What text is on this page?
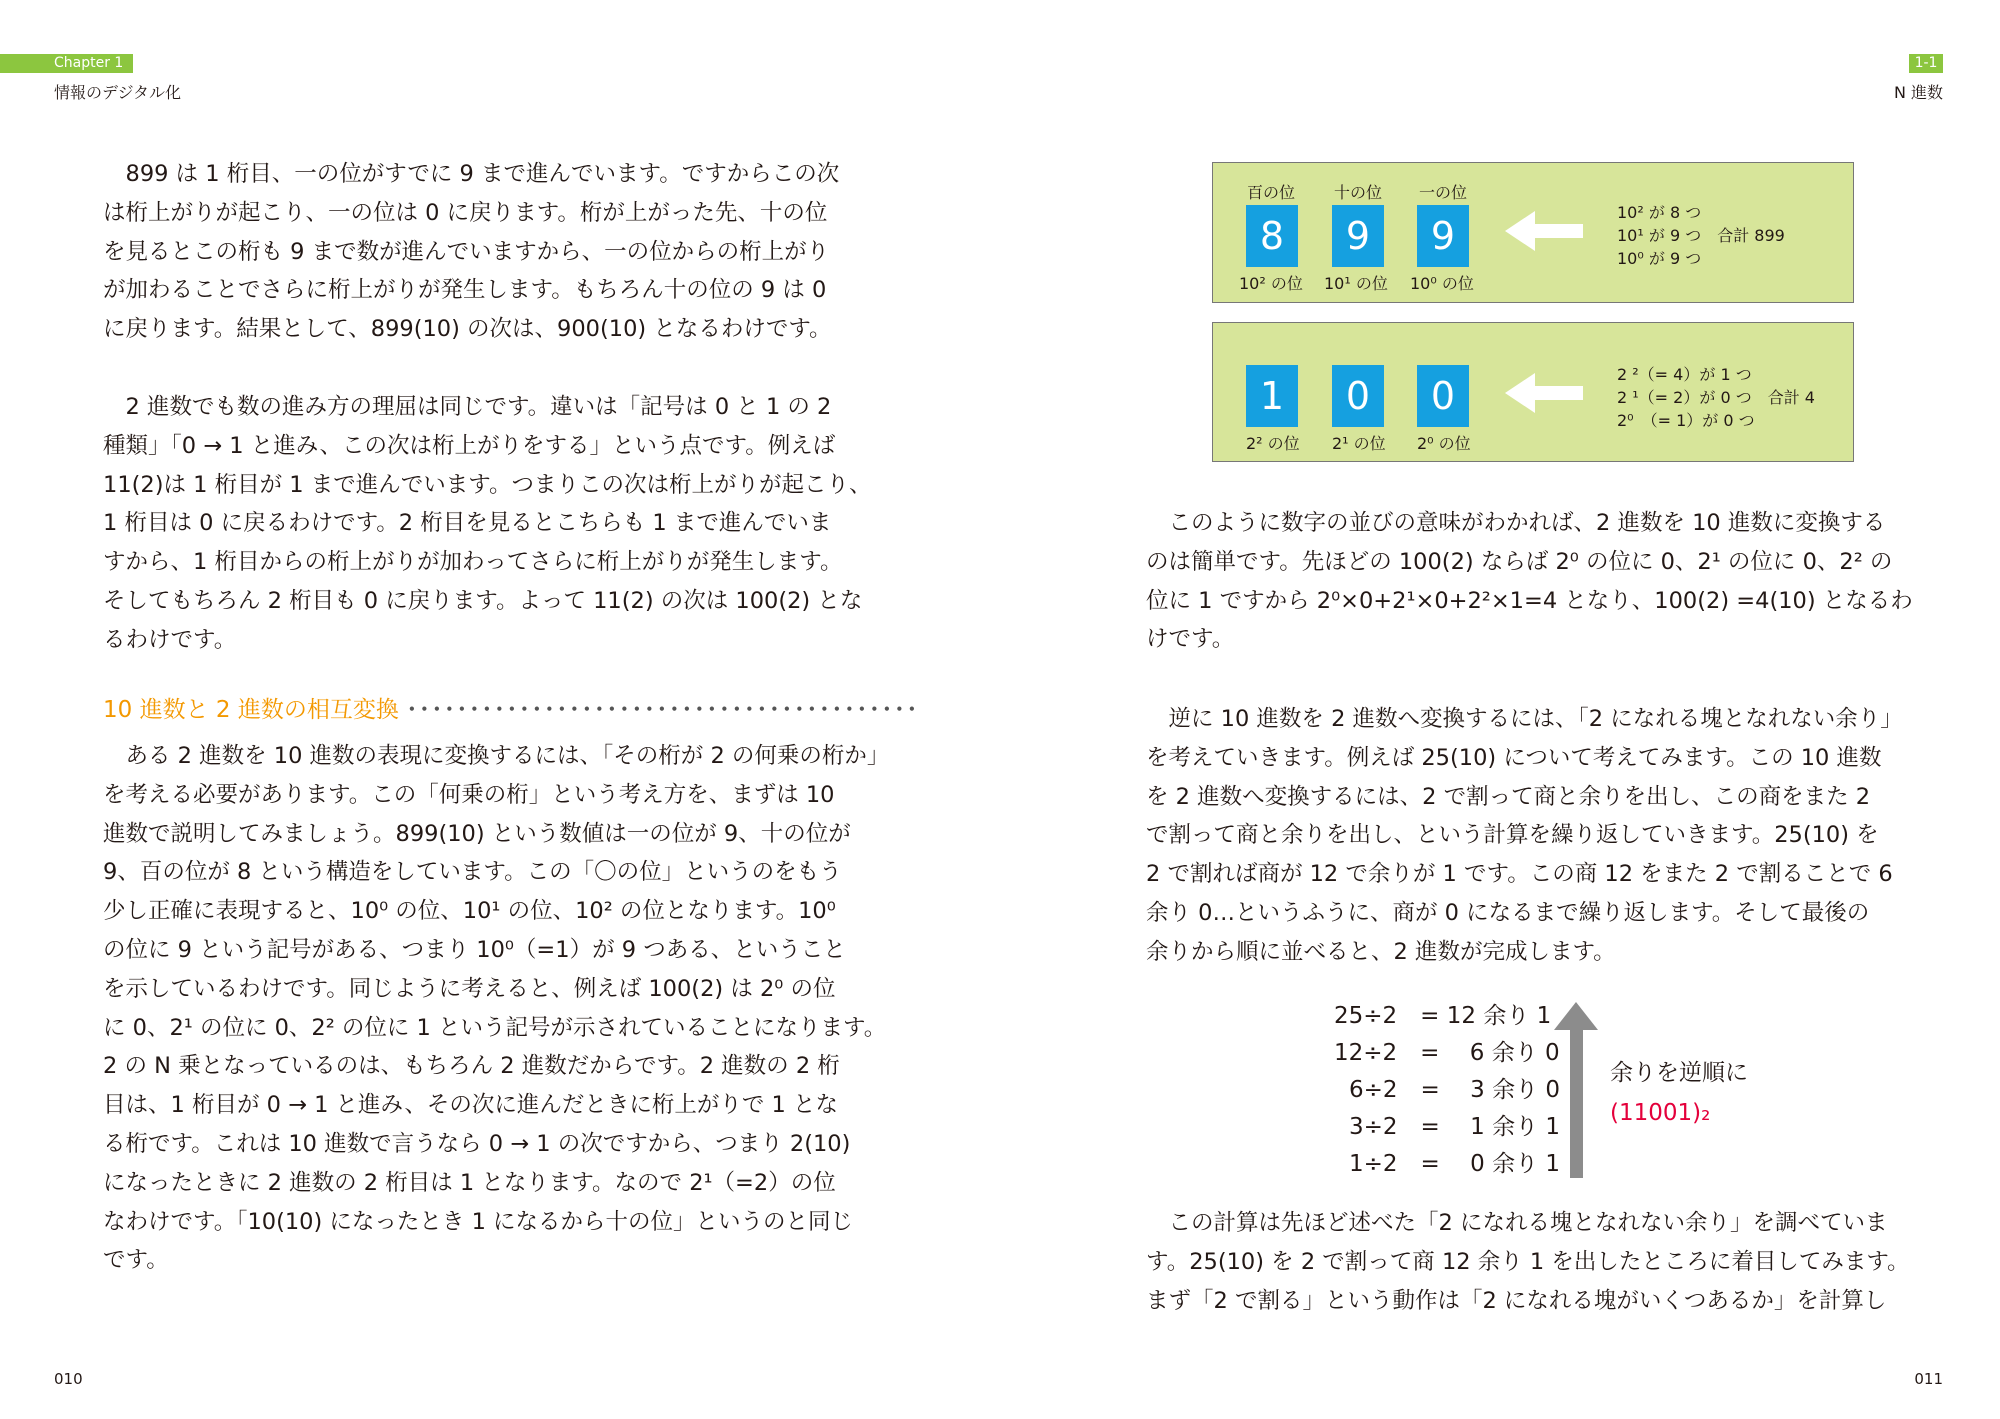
Chapter 1
情報のデジタル化

　899 は 1 桁目、一の位がすでに 9 まで進んでいます。ですからこの次

は桁上がりが起こり、一の位は 0 に戻ります。桁が上がった先、十の位

を見るとこの桁も 9 まで数が進んでいますから、一の位からの桁上がり

が加わることでさらに桁上がりが発生します。もちろん十の位の 9 は 0

に戻ります。結果として、899(10) の次は、900(10) となるわけです。

　2 進数でも数の進み方の理屈は同じです。違いは「記号は 0 と 1 の 2

種類」「0 → 1 と進み、この次は桁上がりをする」という点です。例えば

11(2)は 1 桁目が 1 まで進んでいます。つまりこの次は桁上がりが起こり、

1 桁目は 0 に戻るわけです。2 桁目を見るとこちらも 1 まで進んでいま

すから、1 桁目からの桁上がりが加わってさらに桁上がりが発生します。

そしてもちろん 2 桁目も 0 に戻ります。よって 11(2) の次は 100(2) とな

るわけです。

10 進数と 2 進数の相互変換 ･････････････････････････････････････････

　ある 2 進数を 10 進数の表現に変換するには、「その桁が 2 の何乗の桁か」

を考える必要があります。この「何乗の桁」という考え方を、まずは 10

進数で説明してみましょう。899(10) という数値は一の位が 9、十の位が

9、百の位が 8 という構造をしています。この「〇の位」というのをもう

少し正確に表現すると、10⁰ の位、10¹ の位、10² の位となります。10⁰

の位に 9 という記号がある、つまり 10⁰（=1）が 9 つある、ということ

を示しているわけです。同じように考えると、例えば 100(2) は 2⁰ の位

に 0、2¹ の位に 0、2² の位に 1 という記号が示されていることになります。

2 の N 乗となっているのは、もちろん 2 進数だからです。2 進数の 2 桁

目は、1 桁目が 0 → 1 と進み、その次に進んだときに桁上がりで 1 とな

る桁です。これは 10 進数で言うなら 0 → 1 の次ですから、つまり 2(10)

になったときに 2 進数の 2 桁目は 1 となります。なので 2¹（=2）の位

なわけです。「10(10) になったとき 1 になるから十の位」というのと同じ

です。

010
1-1
N 進数
百の位 十の位 一の位
8	9	9
10² の位 10¹ の位 10⁰ の位
10² が 8 つ
10¹ が 9 つ　合計 899
10⁰ が 9 つ
1	0	0
2² の位 2¹ の位 2⁰ の位
2 ²（= 4）が 1 つ
2 ¹（= 2）が 0 つ　合計 4
2⁰　（= 1）が 0 つ

　このように数字の並びの意味がわかれば、2 進数を 10 進数に変換する

のは簡単です。先ほどの 100(2) ならば 2⁰ の位に 0、2¹ の位に 0、2² の

位に 1 ですから 2⁰×0+2¹×0+2²×1=4 となり、100(2) =4(10) となるわ

けです。

　逆に 10 進数を 2 進数へ変換するには、「2 になれる塊となれない余り」

を考えていきます。例えば 25(10) について考えてみます。この 10 進数

を 2 進数へ変換するには、2 で割って商と余りを出し、この商をまた 2

で割って商と余りを出し、という計算を繰り返していきます。25(10) を

2 で割れば商が 12 で余りが 1 です。この商 12 をまた 2 で割ることで 6

余り 0…というふうに、商が 0 になるまで繰り返します。そして最後の

余りから順に並べると、2 進数が完成します。

25÷2　= 12 余り 1
12÷2　=　 6 余り 0
6÷2　=　 3 余り 0
3÷2　=　 1 余り 1
1÷2　=　 0 余り 1
余りを逆順に
(11001)₂

　この計算は先ほど述べた「2 になれる塊となれない余り」を調べていま

す。25(10) を 2 で割って商 12 余り 1 を出したところに着目してみます。

まず「2 で割る」という動作は「2 になれる塊がいくつあるか」を計算し

011
